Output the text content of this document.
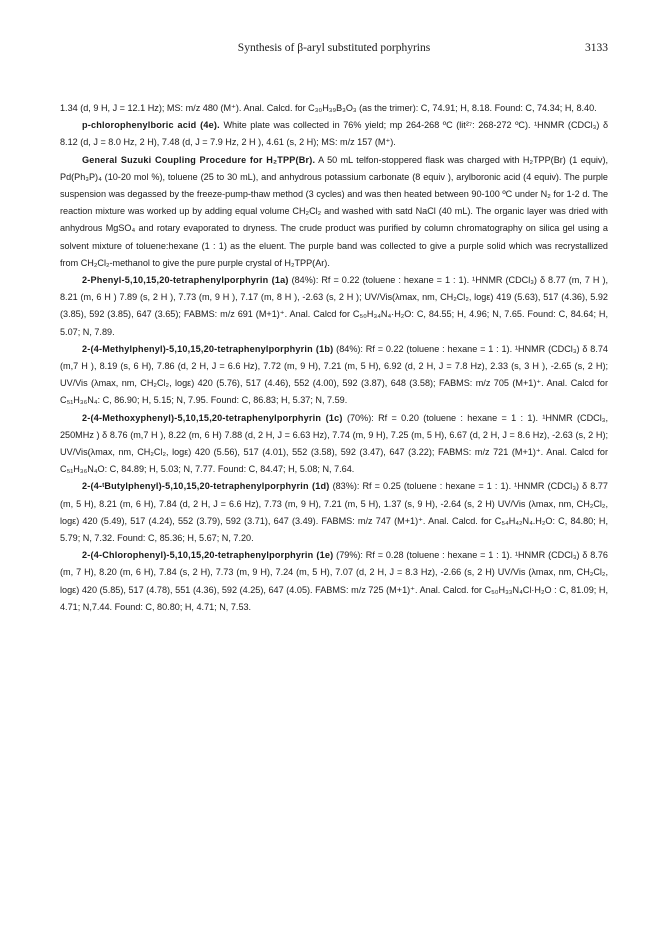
Synthesis of β-aryl substituted porphyrins	3133

1.34 (d, 9 H, J = 12.1 Hz); MS: m/z 480 (M⁺). Anal. Calcd. for C₃₀H₃₉B₃O₃ (as the trimer): C, 74.91; H, 8.18. Found: C, 74.34; H, 8.40.

p-chlorophenylboric acid (4e). White plate was collected in 76% yield; mp 264-268 ºC (lit²⁷: 268-272 ºC). ¹HNMR (CDCl₃) δ 8.12 (d, J = 8.0 Hz, 2 H), 7.48 (d, J = 7.9 Hz, 2 H ), 4.61 (s, 2 H); MS: m/z 157 (M⁺).

General Suzuki Coupling Procedure for H₂TPP(Br). A 50 mL telfon-stoppered flask was charged with H₂TPP(Br) (1 equiv), Pd(Ph₃P)₄ (10-20 mol %), toluene (25 to 30 mL), and anhydrous potassium carbonate (8 equiv ), arylboronic acid (4 equiv). The purple suspension was degassed by the freeze-pump-thaw method (3 cycles) and was then heated between 90-100 ºC under N₂ for 1-2 d. The reaction mixture was worked up by adding equal volume CH₂Cl₂ and washed with satd NaCl (40 mL). The organic layer was dried with anhydrous MgSO₄ and rotary evaporated to dryness. The crude product was purified by column chromatography on silica gel using a solvent mixture of toluene:hexane (1 : 1) as the eluent. The purple band was collected to give a purple solid which was recrystallized from CH₂Cl₂-methanol to give the pure purple crystal of H₂TPP(Ar).

2-Phenyl-5,10,15,20-tetraphenylporphyrin (1a) (84%): Rf = 0.22 (toluene : hexane = 1 : 1). ¹HNMR (CDCl₃) δ 8.77 (m, 7 H ), 8.21 (m, 6 H ) 7.89 (s, 2 H ), 7.73 (m, 9 H ), 7.17 (m, 8 H ), -2.63 (s, 2 H ); UV/Vis(λmax, nm, CH₂Cl₂, logε) 419 (5.63), 517 (4.36), 5.92 (3.85), 592 (3.85), 647 (3.65); FABMS: m/z 691 (M+1)⁺. Anal. Calcd for C₅₀H₃₄N₄·H₂O: C, 84.55; H, 4.96; N, 7.65. Found: C, 84.64; H, 5.07; N, 7.89.

2-(4-Methylphenyl)-5,10,15,20-tetraphenylporphyrin (1b) (84%): Rf = 0.22 (toluene : hexane = 1 : 1). ¹HNMR (CDCl₃) δ 8.74 (m,7 H ), 8.19 (s, 6 H), 7.86 (d, 2 H, J = 6.6 Hz), 7.72 (m, 9 H), 7.21 (m, 5 H), 6.92 (d, 2 H, J = 7.8 Hz), 2.33 (s, 3 H ), -2.65 (s, 2 H); UV/Vis (λmax, nm, CH₂Cl₂, logε) 420 (5.76), 517 (4.46), 552 (4.00), 592 (3.87), 648 (3.58); FABMS: m/z 705 (M+1)⁺. Anal. Calcd for C₅₁H₃₆N₄: C, 86.90; H, 5.15; N, 7.95. Found: C, 86.83; H, 5.37; N, 7.59.

2-(4-Methoxyphenyl)-5,10,15,20-tetraphenylporphyrin (1c) (70%): Rf = 0.20 (toluene : hexane = 1 : 1). ¹HNMR (CDCl₃, 250MHz ) δ 8.76 (m,7 H ), 8.22 (m, 6 H) 7.88 (d, 2 H, J = 6.63 Hz), 7.74 (m, 9 H), 7.25 (m, 5 H), 6.67 (d, 2 H, J = 8.6 Hz), -2.63 (s, 2 H); UV/Vis(λmax, nm, CH₂Cl₂, logε) 420 (5.56), 517 (4.01), 552 (3.58), 592 (3.47), 647 (3.22); FABMS: m/z 721 (M+1)⁺. Anal. Calcd for C₅₁H₃₆N₄O: C, 84.89; H, 5.03; N, 7.77. Found: C, 84.47; H, 5.08; N, 7.64.

2-(4-ᵗButylphenyl)-5,10,15,20-tetraphenylporphyrin (1d) (83%): Rf = 0.25 (toluene : hexane = 1 : 1). ¹HNMR (CDCl₃) δ 8.77 (m, 5 H), 8.21 (m, 6 H), 7.84 (d, 2 H, J = 6.6 Hz), 7.73 (m, 9 H), 7.21 (m, 5 H), 1.37 (s, 9 H), -2.64 (s, 2 H) UV/Vis (λmax, nm, CH₂Cl₂, logε) 420 (5.49), 517 (4.24), 552 (3.79), 592 (3.71), 647 (3.49). FABMS: m/z 747 (M+1)⁺. Anal. Calcd. for C₅₄H₄₂N₄.H₂O: C, 84.80; H, 5.79; N, 7.32. Found: C, 85.36; H, 5.67; N, 7.20.

2-(4-Chlorophenyl)-5,10,15,20-tetraphenylporphyrin (1e) (79%): Rf = 0.28 (toluene : hexane = 1 : 1). ¹HNMR (CDCl₃) δ 8.76 (m, 7 H), 8.20 (m, 6 H), 7.84 (s, 2 H), 7.73 (m, 9 H), 7.24 (m, 5 H), 7.07 (d, 2 H, J = 8.3 Hz), -2.66 (s, 2 H) UV/Vis (λmax, nm, CH₂Cl₂, logε) 420 (5.85), 517 (4.78), 551 (4.36), 592 (4.25), 647 (4.05). FABMS: m/z 725 (M+1)⁺. Anal. Calcd. for C₅₀H₃₃N₄Cl·H₂O : C, 81.09; H, 4.71; N,7.44. Found: C, 80.80; H, 4.71; N, 7.53.
